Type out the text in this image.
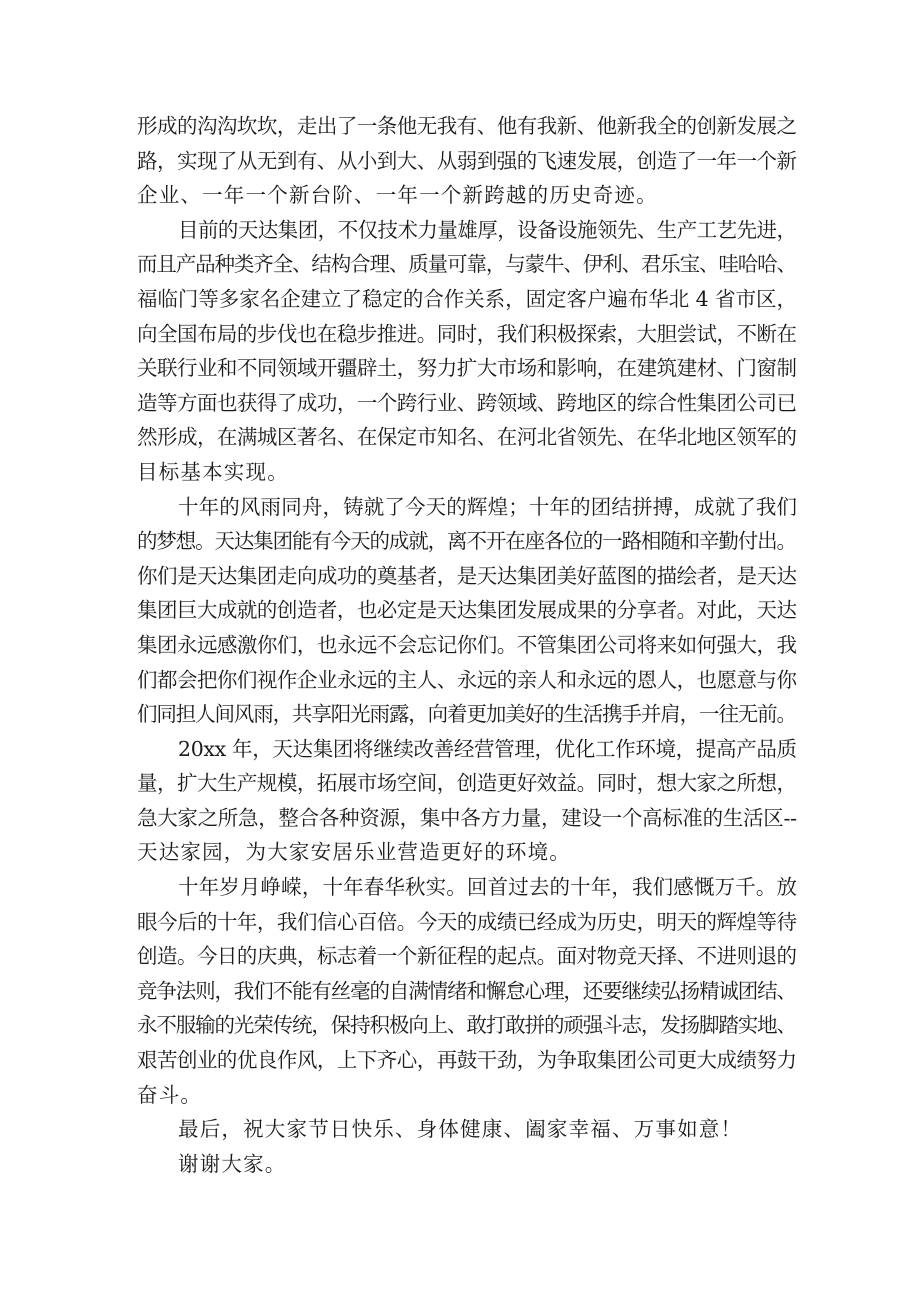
形成的沟沟坎坎，走出了一条他无我有、他有我新、他新我全的创新发展之
路，实现了从无到有、从小到大、从弱到强的飞速发展，创造了一年一个新
企业、一年一个新台阶、一年一个新跨越的历史奇迹。
目前的天达集团，不仅技术力量雄厚，设备设施领先、生产工艺先进，
而且产品种类齐全、结构合理、质量可靠，与蒙牛、伊利、君乐宝、哇哈哈、
福临门等多家名企建立了稳定的合作关系，固定客户遍布华北 4 省市区，
向全国布局的步伐也在稳步推进。同时，我们积极探索，大胆尝试，不断在
关联行业和不同领域开疆辟土，努力扩大市场和影响，在建筑建材、门窗制
造等方面也获得了成功，一个跨行业、跨领域、跨地区的综合性集团公司已
然形成，在满城区著名、在保定市知名、在河北省领先、在华北地区领军的
目标基本实现。
十年的风雨同舟，铸就了今天的辉煌；十年的团结拼搏，成就了我们
的梦想。天达集团能有今天的成就，离不开在座各位的一路相随和辛勤付出。
你们是天达集团走向成功的奠基者，是天达集团美好蓝图的描绘者，是天达
集团巨大成就的创造者，也必定是天达集团发展成果的分享者。对此，天达
集团永远感激你们，也永远不会忘记你们。不管集团公司将来如何强大，我
们都会把你们视作企业永远的主人、永远的亲人和永远的恩人，也愿意与你
们同担人间风雨，共享阳光雨露，向着更加美好的生活携手并肩，一往无前。
20xx 年，天达集团将继续改善经营管理，优化工作环境，提高产品质
量，扩大生产规模，拓展市场空间，创造更好效益。同时，想大家之所想，
急大家之所急，整合各种资源，集中各方力量，建设一个高标准的生活区--
天达家园，为大家安居乐业营造更好的环境。
十年岁月峥嵘，十年春华秋实。回首过去的十年，我们感慨万千。放
眼今后的十年，我们信心百倍。今天的成绩已经成为历史，明天的辉煌等待
创造。今日的庆典，标志着一个新征程的起点。面对物竞天择、不进则退的
竞争法则，我们不能有丝毫的自满情绪和懈怠心理，还要继续弘扬精诚团结、
永不服输的光荣传统，保持积极向上、敢打敢拼的顽强斗志，发扬脚踏实地、
艰苦创业的优良作风，上下齐心，再鼓干劲，为争取集团公司更大成绩努力
奋斗。
最后，祝大家节日快乐、身体健康、阖家幸福、万事如意！
谢谢大家。
